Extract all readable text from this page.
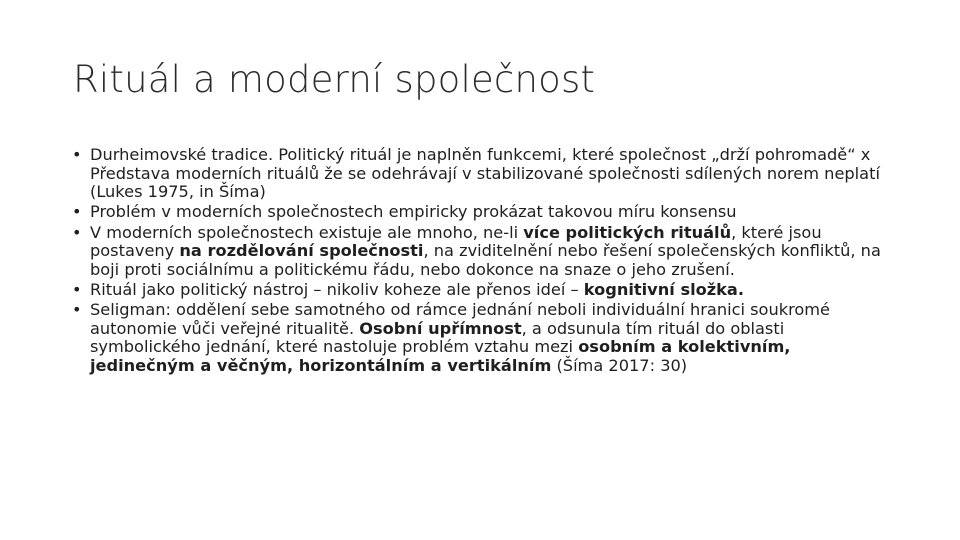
Rituál a moderní společnost
• Durheimovské tradice. Politický rituál je naplněn funkcemi, které společnost „drží pohromadě“ x Představa moderních rituálů že se odehrávají v stabilizované společnosti sdílených norem neplatí (Lukes 1975, in Šíma)
• Problém v moderních společnostech empiricky prokázat takovou míru konsensu
• V moderních společnostech existuje ale mnoho, ne-li více politických rituálů, které jsou postaveny na rozdělování společnosti, na zviditelnění nebo řešení společenských konfliktů, na boji proti sociálnímu a politickému řádu, nebo dokonce na snaze o jeho zrušení.
• Rituál jako politický nástroj – nikoliv koheze ale přenos ideí – kognitivní složka.
• Seligman: oddělení sebe samotného od rámce jednání neboli individuální hranici soukromé autonomie vůči veřejné ritualitě. Osobní upřímnost, a odsunula tím rituál do oblasti symbolického jednání, které nastoluje problém vztahu mezi osobním a kolektivním, jedinečným a věčným, horizontálním a vertikálním (Šíma 2017: 30)
